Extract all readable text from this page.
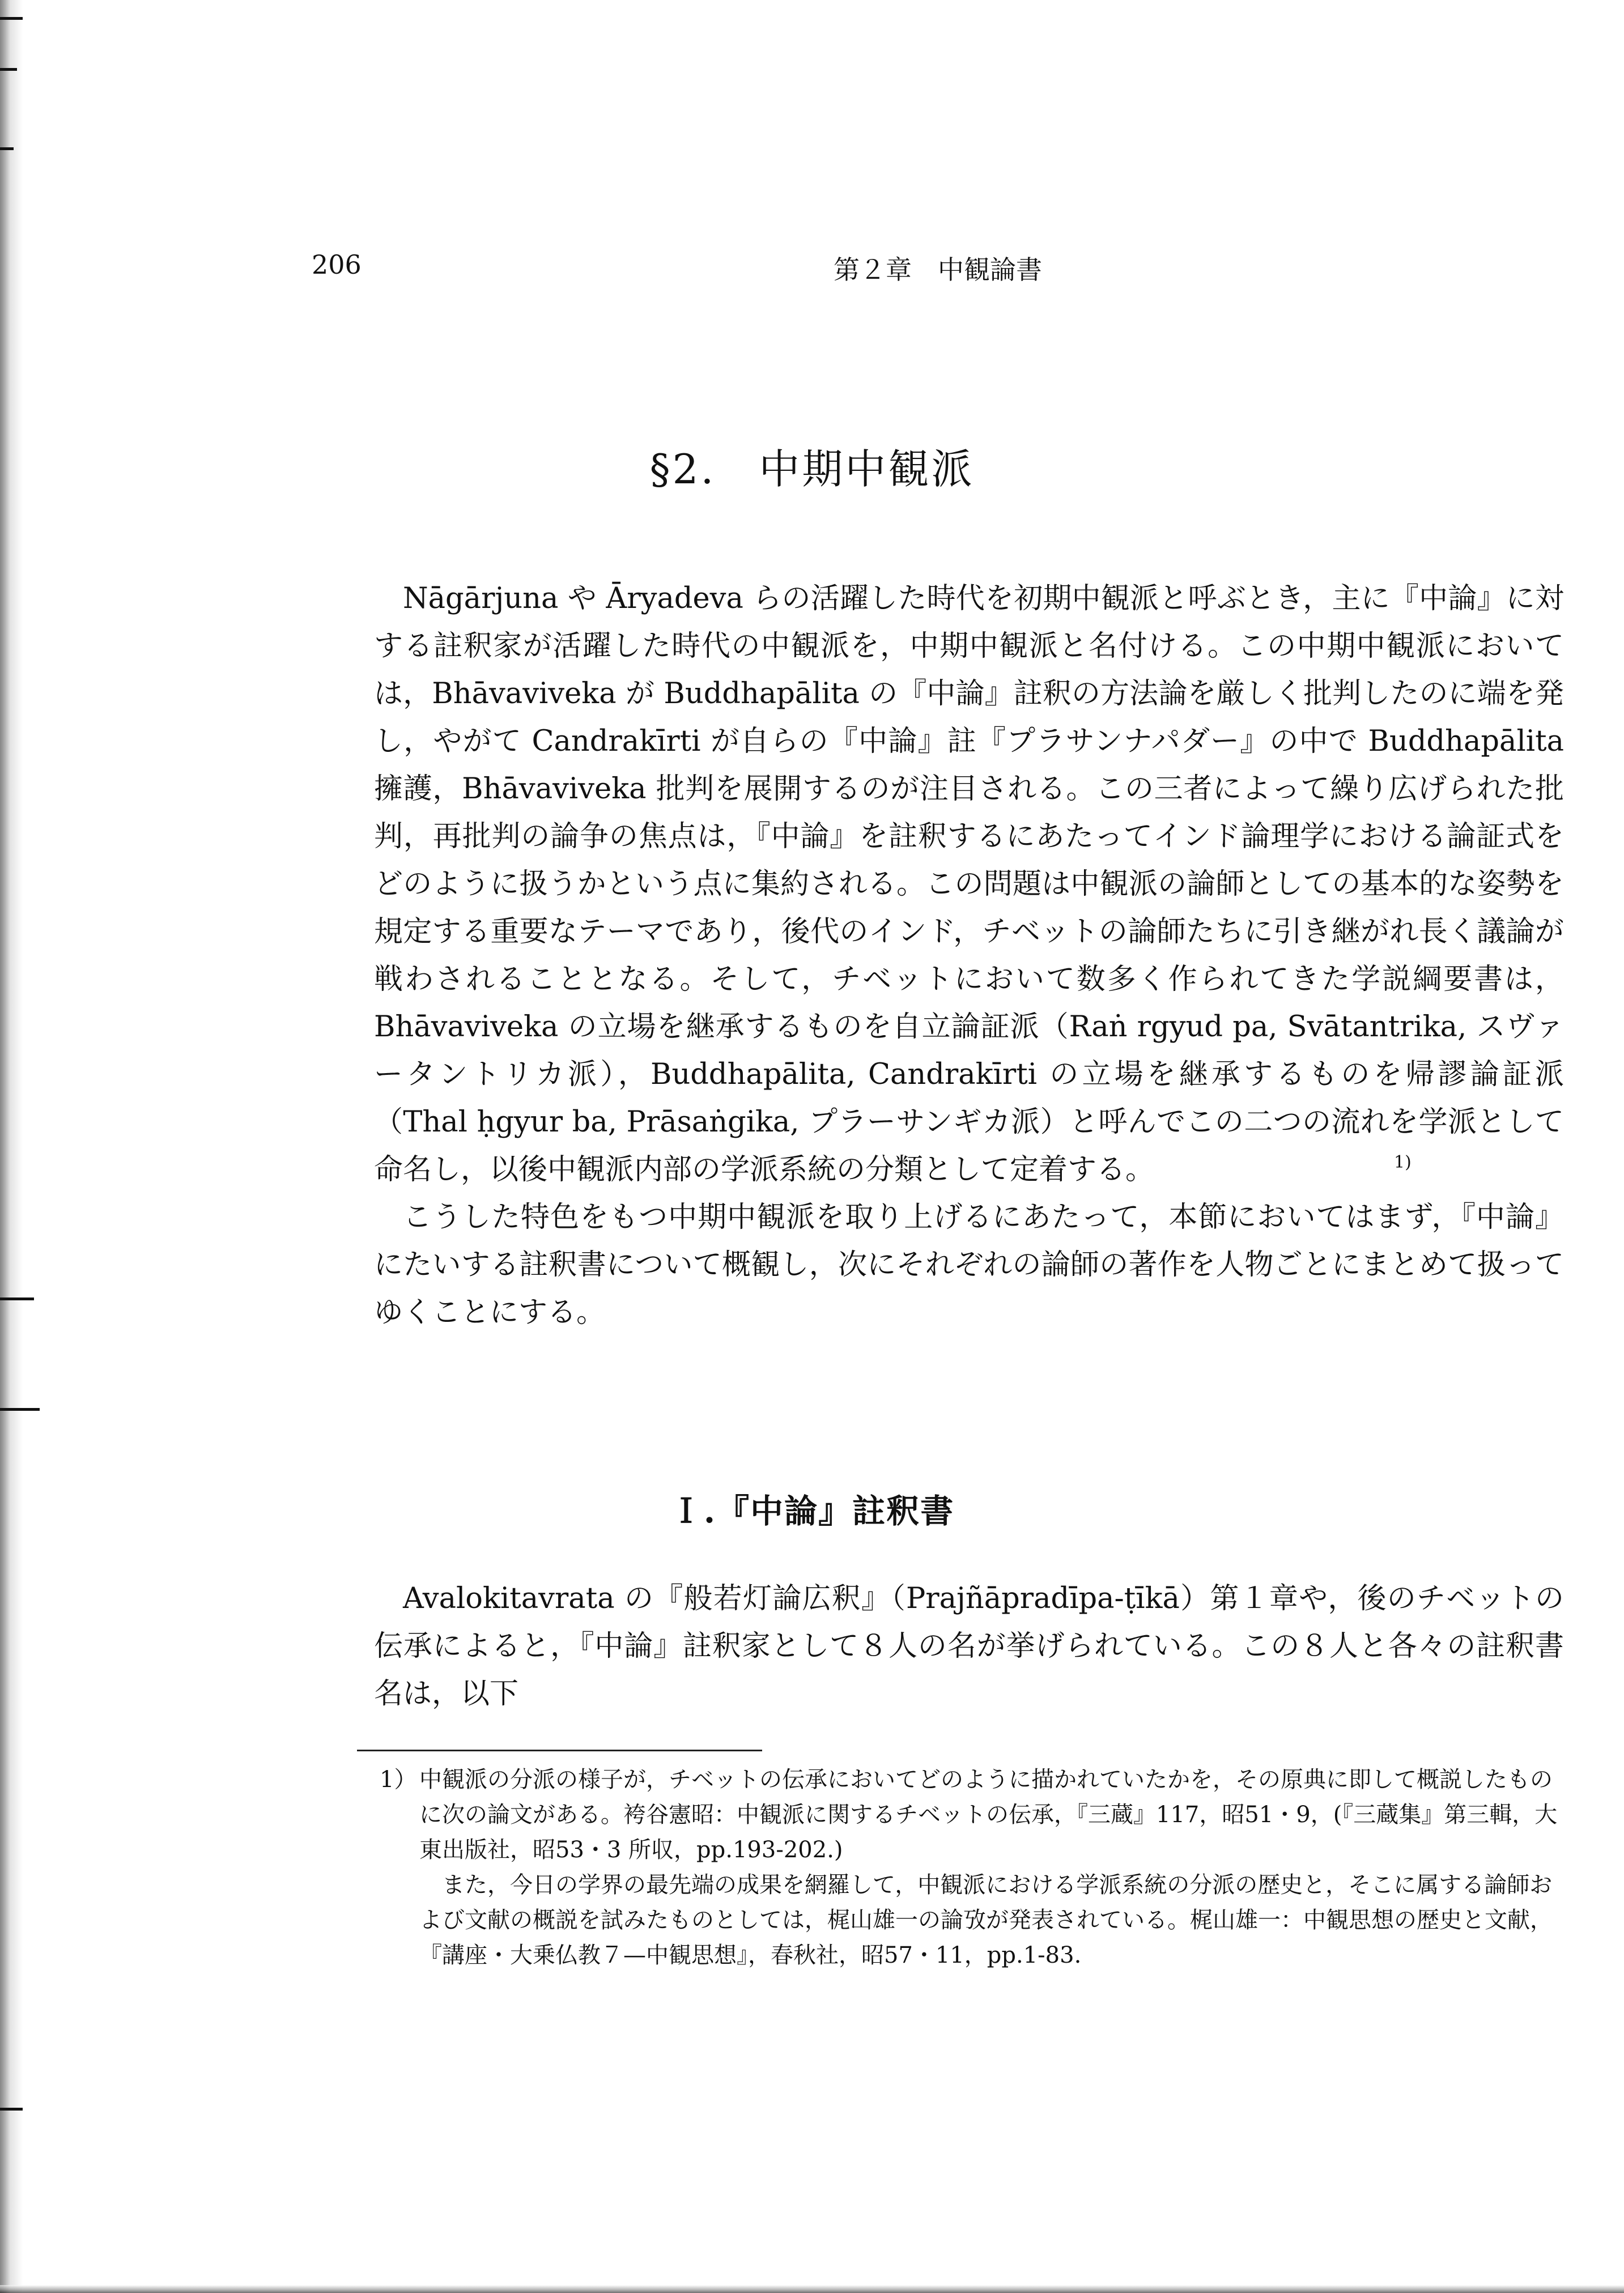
206	第２章　中観論書
§2.　中期中観派

Nāgārjuna や Āryadeva らの活躍した時代を初期中観派と呼ぶとき，主に『中論』に対する註釈家が活躍した時代の中観派を，中期中観派と名付ける。この中期中観派においては，Bhāvaviveka が Buddhapālita の『中論』註釈の方法論を厳しく批判したのに端を発し，やがて Candrakīrti が自らの『中論』註『プラサンナパダー』の中で Buddhapālita 擁護，Bhāvaviveka 批判を展開するのが注目される。この三者によって繰り広げられた批判，再批判の論争の焦点は，『中論』を註釈するにあたってインド論理学における論証式をどのように扱うかという点に集約される。この問題は中観派の論師としての基本的な姿勢を規定する重要なテーマであり，後代のインド，チベットの論師たちに引き継がれ長く議論が戦わされることとなる。そして，チベットにおいて数多く作られてきた学説綱要書は，Bhāvaviveka の立場を継承するものを自立論証派（Raṅ rgyud pa, Svātantrika, スヴァータントリカ派），Buddhapālita, Candrakīrti の立場を継承するものを帰謬論証派（Thal ḥgyur ba, Prāsaṅgika, プラーサンギカ派）と呼んでこの二つの流れを学派として命名し，以後中観派内部の学派系統の分類として定着する。

こうした特色をもつ中期中観派を取り上げるにあたって，本節においてはまず，『中論』にたいする註釈書について概観し，次にそれぞれの論師の著作を人物ごとにまとめて扱ってゆくことにする。

1)
Ｉ.『中論』註釈書

Avalokitavrata の『般若灯論広釈』（Prajñāpradīpa-ṭīkā）第１章や，後のチベットの伝承によると，『中論』註釈家として８人の名が挙げられている。この８人と各々の註釈書名は，以下

1） 中観派の分派の様子が，チベットの伝承においてどのように描かれていたかを，その原典に即して概説したものに次の論文がある。袴谷憲昭：中観派に関するチベットの伝承，『三蔵』117，昭51・9，(『三蔵集』第三輯，大東出版社，昭53・3 所収，pp.193-202.)

また，今日の学界の最先端の成果を網羅して，中観派における学派系統の分派の歴史と，そこに属する論師および文献の概説を試みたものとしては，梶山雄一の論攷が発表されている。梶山雄一：中観思想の歴史と文献，『講座・大乗仏教７—中観思想』，春秋社，昭57・11，pp.1-83.
